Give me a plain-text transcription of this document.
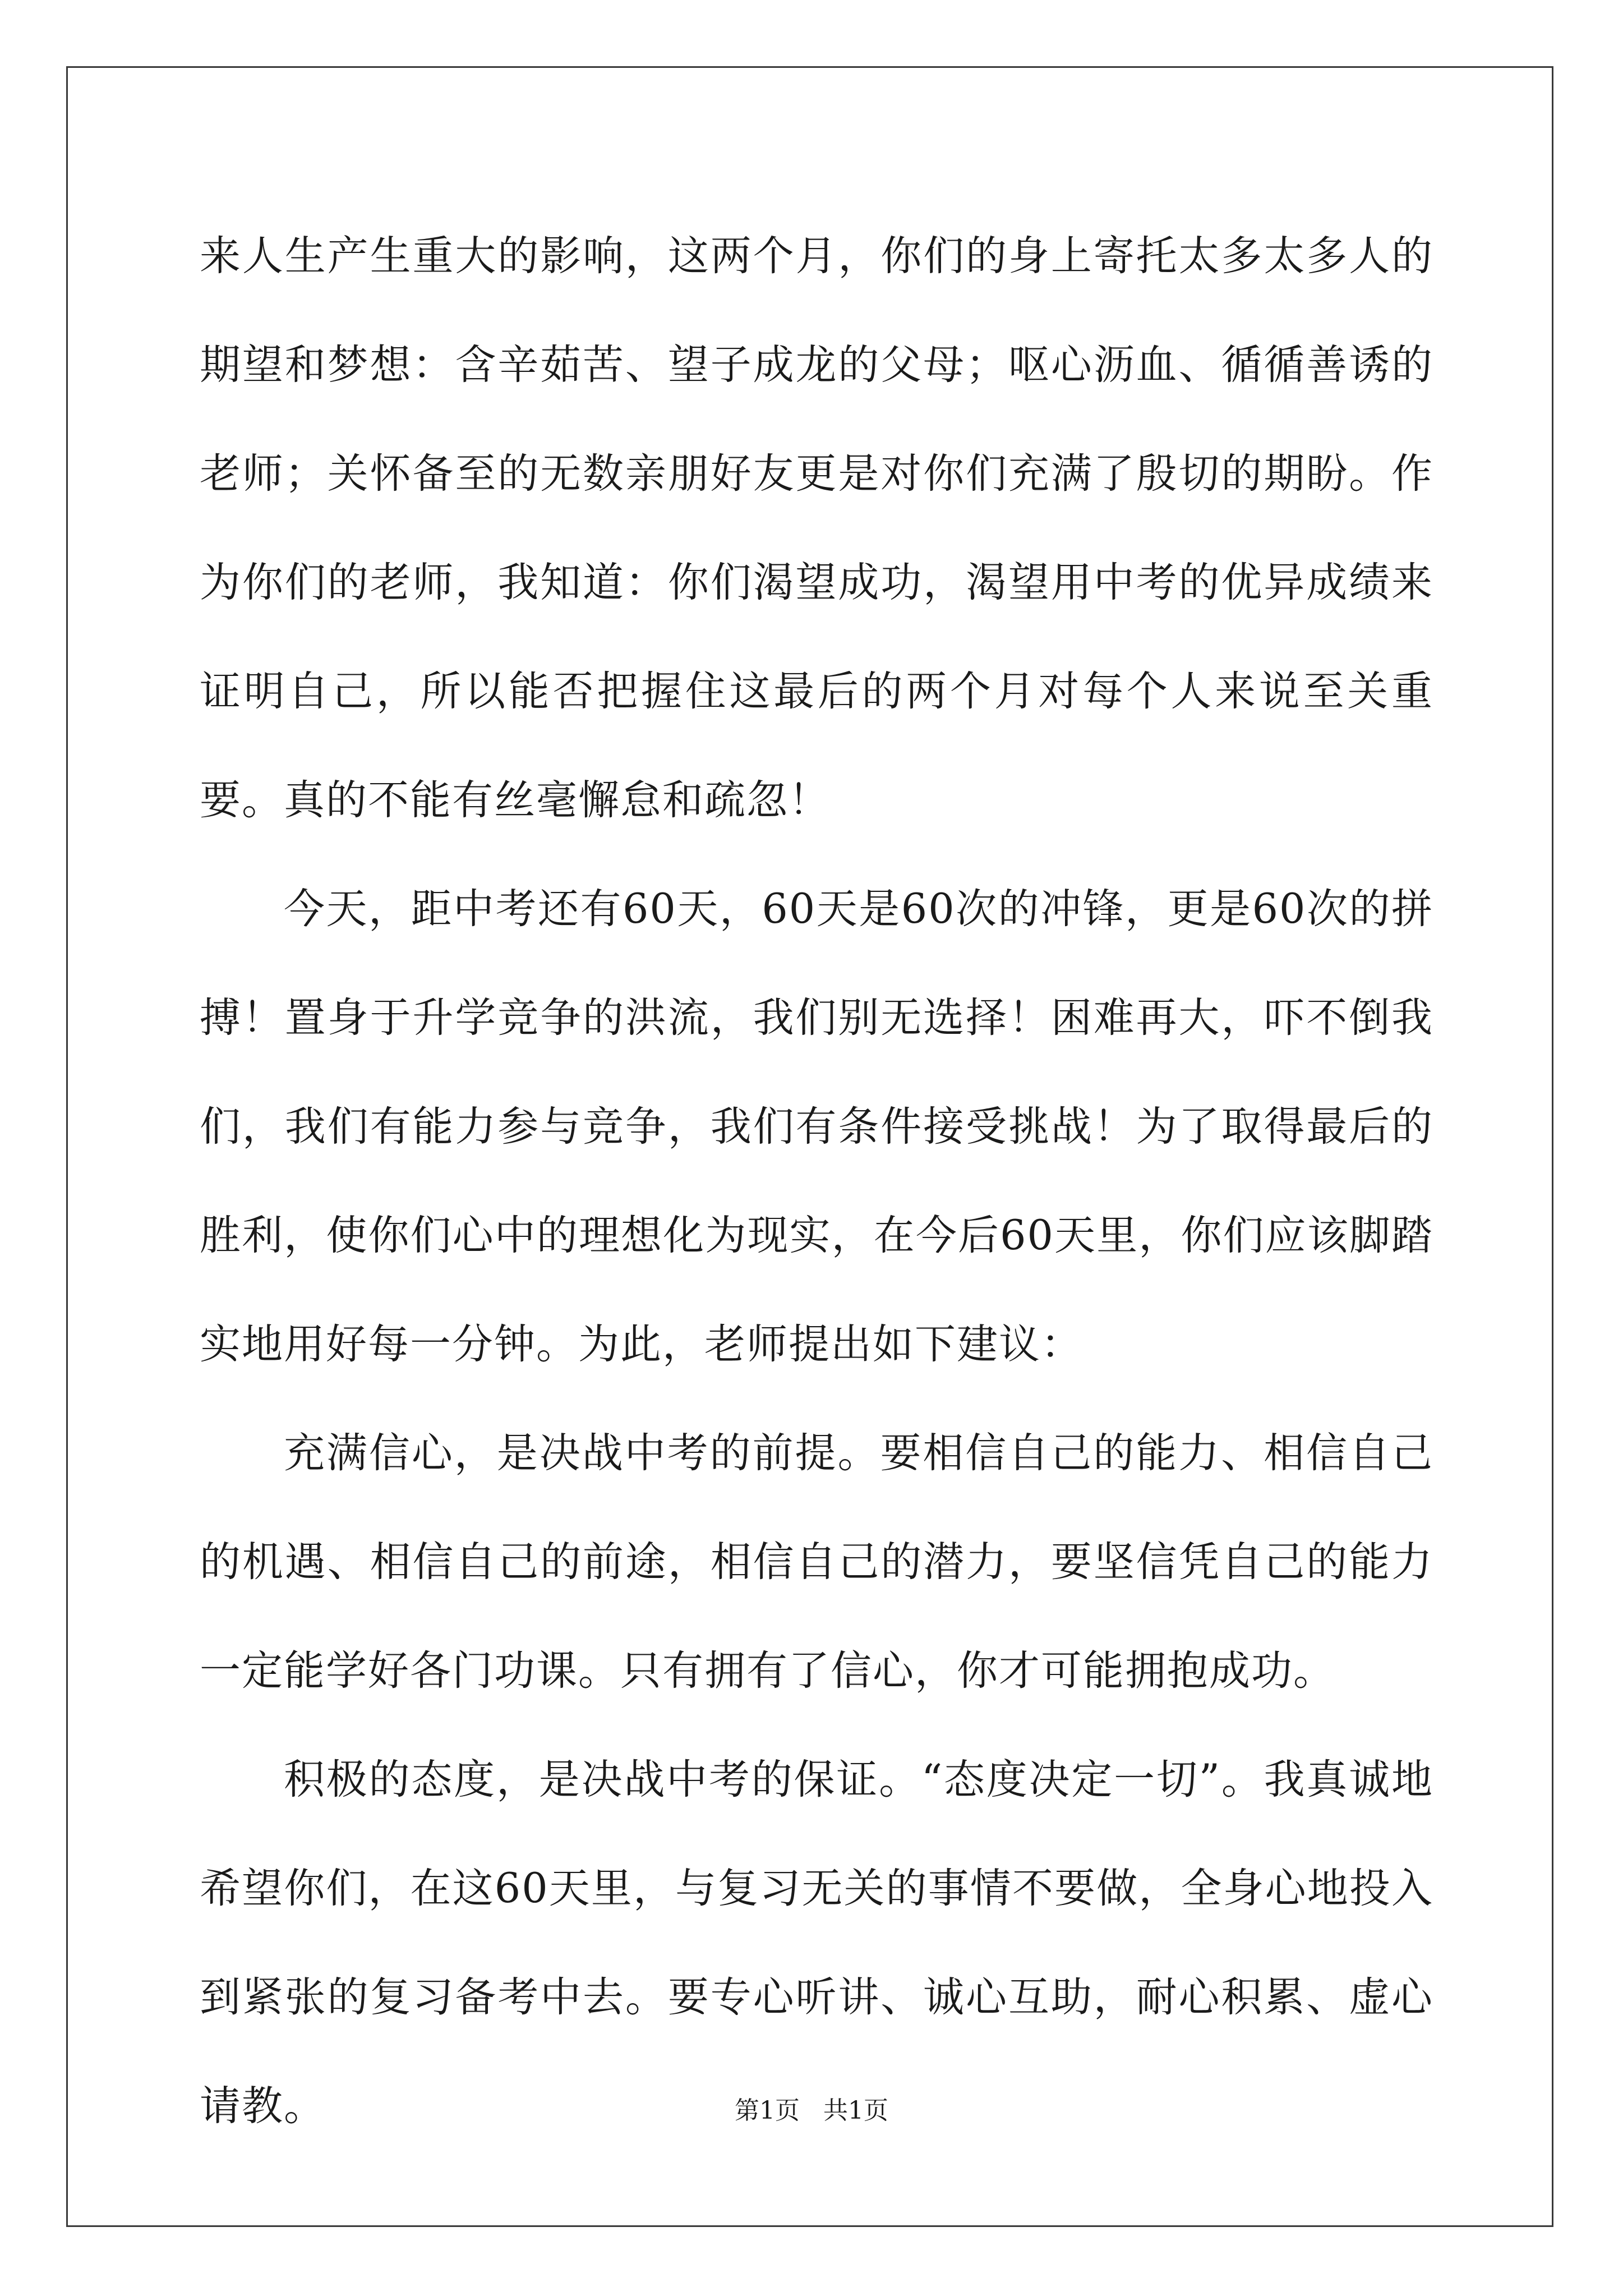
来人生产生重大的影响，这两个月，你们的身上寄托太多太多人的期望和梦想：含辛茹苦、望子成龙的父母；呕心沥血、循循善诱的老师；关怀备至的无数亲朋好友更是对你们充满了殷切的期盼。作为你们的老师，我知道：你们渴望成功，渴望用中考的优异成绩来证明自己，所以能否把握住这最后的两个月对每个人来说至关重要。真的不能有丝毫懈怠和疏忽！

今天，距中考还有60天，60天是60次的冲锋，更是60次的拼搏！置身于升学竞争的洪流，我们别无选择！困难再大，吓不倒我们，我们有能力参与竞争，我们有条件接受挑战！为了取得最后的胜利，使你们心中的理想化为现实，在今后60天里，你们应该脚踏实地用好每一分钟。为此，老师提出如下建议：

充满信心，是决战中考的前提。要相信自己的能力、相信自己的机遇、相信自己的前途，相信自己的潜力，要坚信凭自己的能力一定能学好各门功课。只有拥有了信心，你才可能拥抱成功。

积极的态度，是决战中考的保证。“态度决定一切”。我真诚地希望你们，在这60天里，与复习无关的事情不要做，全身心地投入到紧张的复习备考中去。要专心听讲、诚心互助，耐心积累、虚心请教。	第1页   共1页
